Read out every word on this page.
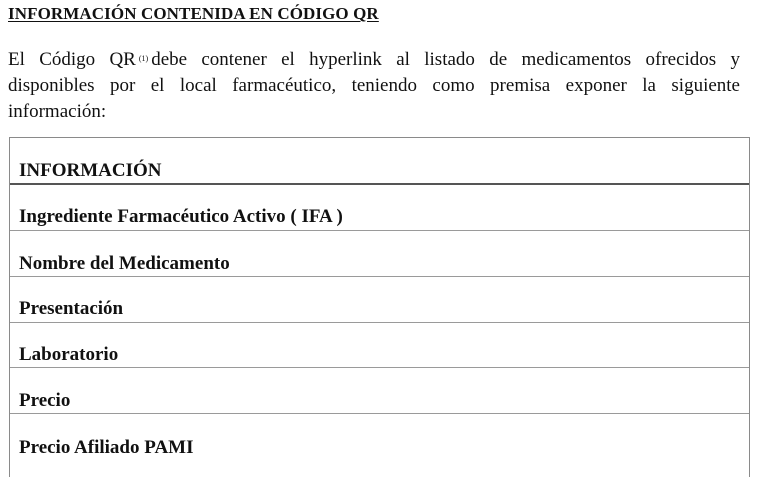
INFORMACIÓN CONTENIDA EN CÓDIGO QR
El Código QR $^{(1)}$ debe contener el hyperlink al listado de medicamentos ofrecidos y
disponibles por el local farmacéutico, teniendo como premisa exponer la siguiente
información:
INFORMACIÓN
Ingrediente Farmacéutico Activo ( IFA )
Nombre del Medicamento
Presentación
Laboratorio
Precio
Precio Afiliado PAMI
